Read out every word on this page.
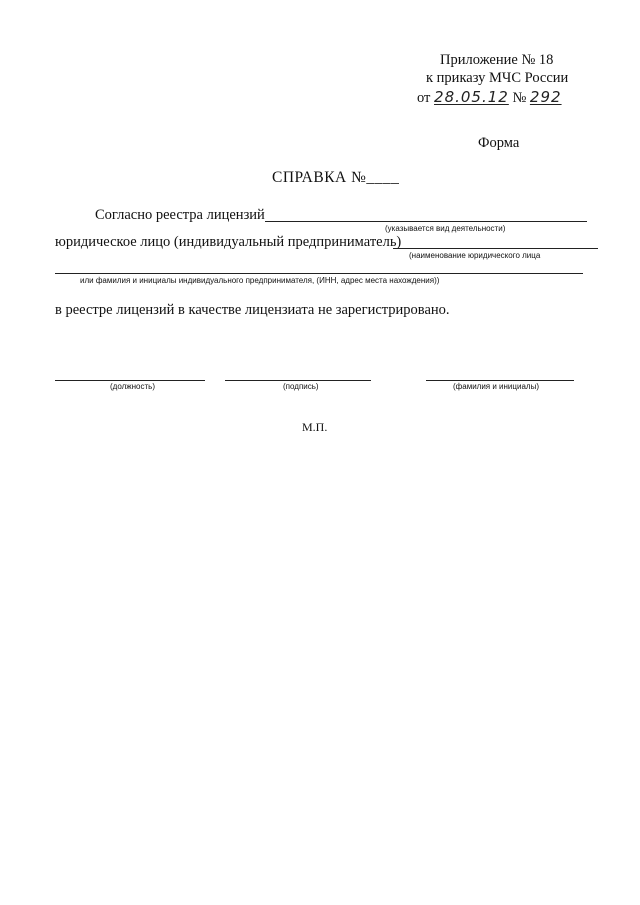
Приложение № 18
к приказу МЧС России
от 28.05.12 № 292
Форма
СПРАВКА №____
Согласно реестра лицензий
(указывается вид деятельности)
юридическое лицо (индивидуальный предприниматель)
(наименование юридического лица
или фамилия и инициалы индивидуального предпринимателя, (ИНН, адрес места нахождения))
в реестре лицензий в качестве лицензиата не зарегистрировано.
(должность)	(подпись)	(фамилия и инициалы)
М.П.
